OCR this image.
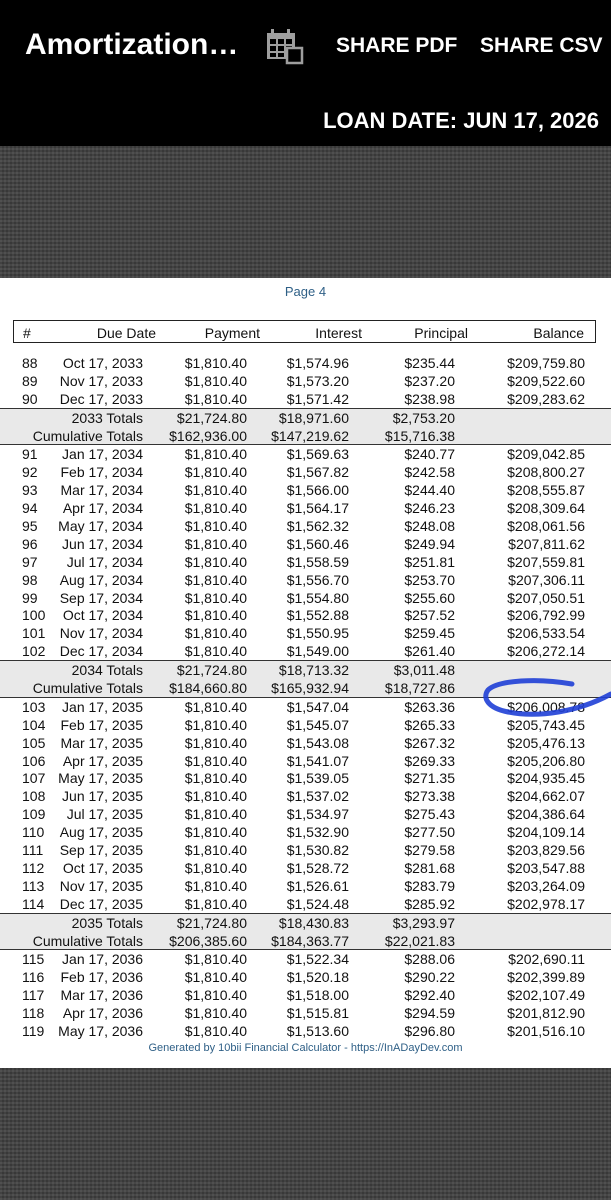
Amortization…	SHARE PDF SHARE CSV
LOAN DATE: JUN 17, 2026
Page 4
#	Due Date	Payment	Interest	Principal	Balance
88 Oct 17, 2033	$1,810.40	$1,574.96	$235.44	$209,759.80
89 Nov 17, 2033	$1,810.40	$1,573.20	$237.20	$209,522.60
90 Dec 17, 2033	$1,810.40	$1,571.42	$238.98	$209,283.62
2033 Totals $21,724.80 $18,971.60	$2,753.20
Cumulative Totals $162,936.00 $147,219.62	$15,716.38
91 Jan 17, 2034	$1,810.40	$1,569.63	$240.77	$209,042.85
92 Feb 17, 2034	$1,810.40	$1,567.82	$242.58	$208,800.27
93 Mar 17, 2034	$1,810.40	$1,566.00	$244.40	$208,555.87
94 Apr 17, 2034	$1,810.40	$1,564.17	$246.23	$208,309.64
95 May 17, 2034	$1,810.40	$1,562.32	$248.08	$208,061.56
96 Jun 17, 2034	$1,810.40	$1,560.46	$249.94	$207,811.62
97 Jul 17, 2034	$1,810.40	$1,558.59	$251.81	$207,559.81
98 Aug 17, 2034	$1,810.40	$1,556.70	$253.70	$207,306.11
99 Sep 17, 2034	$1,810.40	$1,554.80	$255.60	$207,050.51
100 Oct 17, 2034	$1,810.40	$1,552.88	$257.52	$206,792.99
101 Nov 17, 2034	$1,810.40	$1,550.95	$259.45	$206,533.54
102 Dec 17, 2034	$1,810.40	$1,549.00	$261.40	$206,272.14
2034 Totals $21,724.80 $18,713.32	$3,011.48
Cumulative Totals $184,660.80 $165,932.94	$18,727.86
103 Jan 17, 2035	$1,810.40	$1,547.04	$263.36	$206,008.78
104 Feb 17, 2035	$1,810.40	$1,545.07	$265.33	$205,743.45
105 Mar 17, 2035	$1,810.40	$1,543.08	$267.32	$205,476.13
106 Apr 17, 2035	$1,810.40	$1,541.07	$269.33	$205,206.80
107 May 17, 2035	$1,810.40	$1,539.05	$271.35	$204,935.45
108 Jun 17, 2035	$1,810.40	$1,537.02	$273.38	$204,662.07
109 Jul 17, 2035	$1,810.40	$1,534.97	$275.43	$204,386.64
110 Aug 17, 2035	$1,810.40	$1,532.90	$277.50	$204,109.14
111 Sep 17, 2035	$1,810.40	$1,530.82	$279.58	$203,829.56
112 Oct 17, 2035	$1,810.40	$1,528.72	$281.68	$203,547.88
113 Nov 17, 2035	$1,810.40	$1,526.61	$283.79	$203,264.09
114 Dec 17, 2035	$1,810.40	$1,524.48	$285.92	$202,978.17
2035 Totals $21,724.80 $18,430.83	$3,293.97
Cumulative Totals $206,385.60 $184,363.77	$22,021.83
115 Jan 17, 2036	$1,810.40	$1,522.34	$288.06	$202,690.11
116 Feb 17, 2036	$1,810.40	$1,520.18	$290.22	$202,399.89
117 Mar 17, 2036	$1,810.40	$1,518.00	$292.40	$202,107.49
118 Apr 17, 2036	$1,810.40	$1,515.81	$294.59	$201,812.90
119 May 17, 2036	$1,810.40	$1,513.60	$296.80	$201,516.10
Generated by 10bii Financial Calculator - https://InADayDev.com
